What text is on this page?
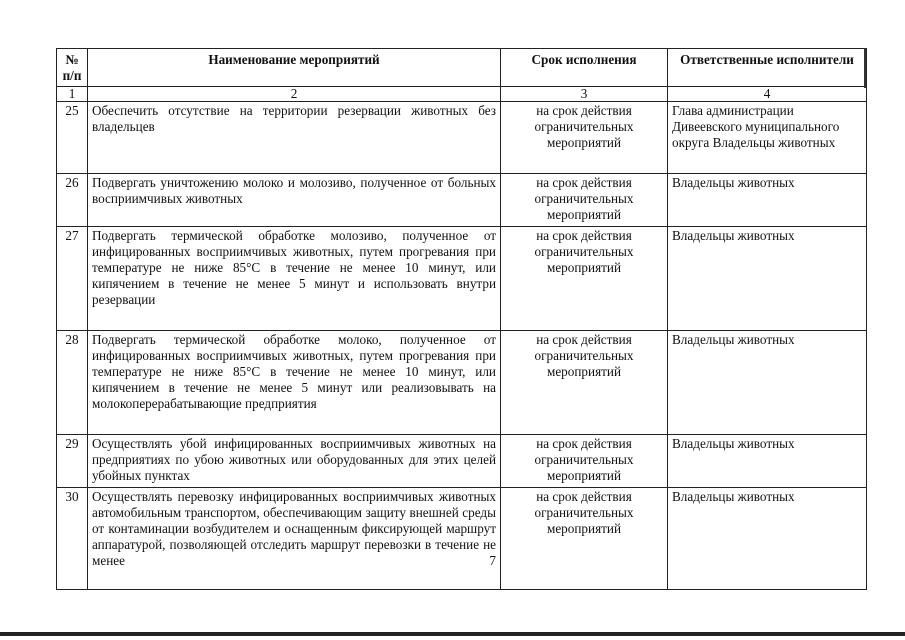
№ п/п	Наименование мероприятий	Срок исполнения	Ответственные исполнители
1	2	3	4
25	Обеспечить отсутствие на территории резервации животных без владельцев	на срок действия ограничительных мероприятий	Глава администрации Дивеевского муниципального округа Владельцы животных
26	Подвергать уничтожению молоко и молозиво, полученное от больных восприимчивых животных	на срок действия ограничительных мероприятий	Владельцы животных
27	Подвергать термической обработке молозиво, полученное от инфицированных восприимчивых животных, путем прогревания при температуре не ниже 85°С в течение не менее 10 минут, или кипячением в течение не менее 5 минут и использовать внутри резервации	на срок действия ограничительных мероприятий	Владельцы животных
28	Подвергать термической обработке молоко, полученное от инфицированных восприимчивых животных, путем прогревания при температуре не ниже 85°С в течение не менее 10 минут, или кипячением в течение не менее 5 минут или реализовывать на молокоперерабатывающие предприятия	на срок действия ограничительных мероприятий	Владельцы животных
29	Осуществлять убой инфицированных восприимчивых животных на предприятиях по убою животных или оборудованных для этих целей убойных пунктах	на срок действия ограничительных мероприятий	Владельцы животных
30	Осуществлять перевозку инфицированных восприимчивых животных автомобильным транспортом, обеспечивающим защиту внешней среды от контаминации возбудителем и оснащенным фиксирующей маршрут аппаратурой, позволяющей отследить маршрут перевозки в течение не менее 7	на срок действия ограничительных мероприятий	Владельцы животных
